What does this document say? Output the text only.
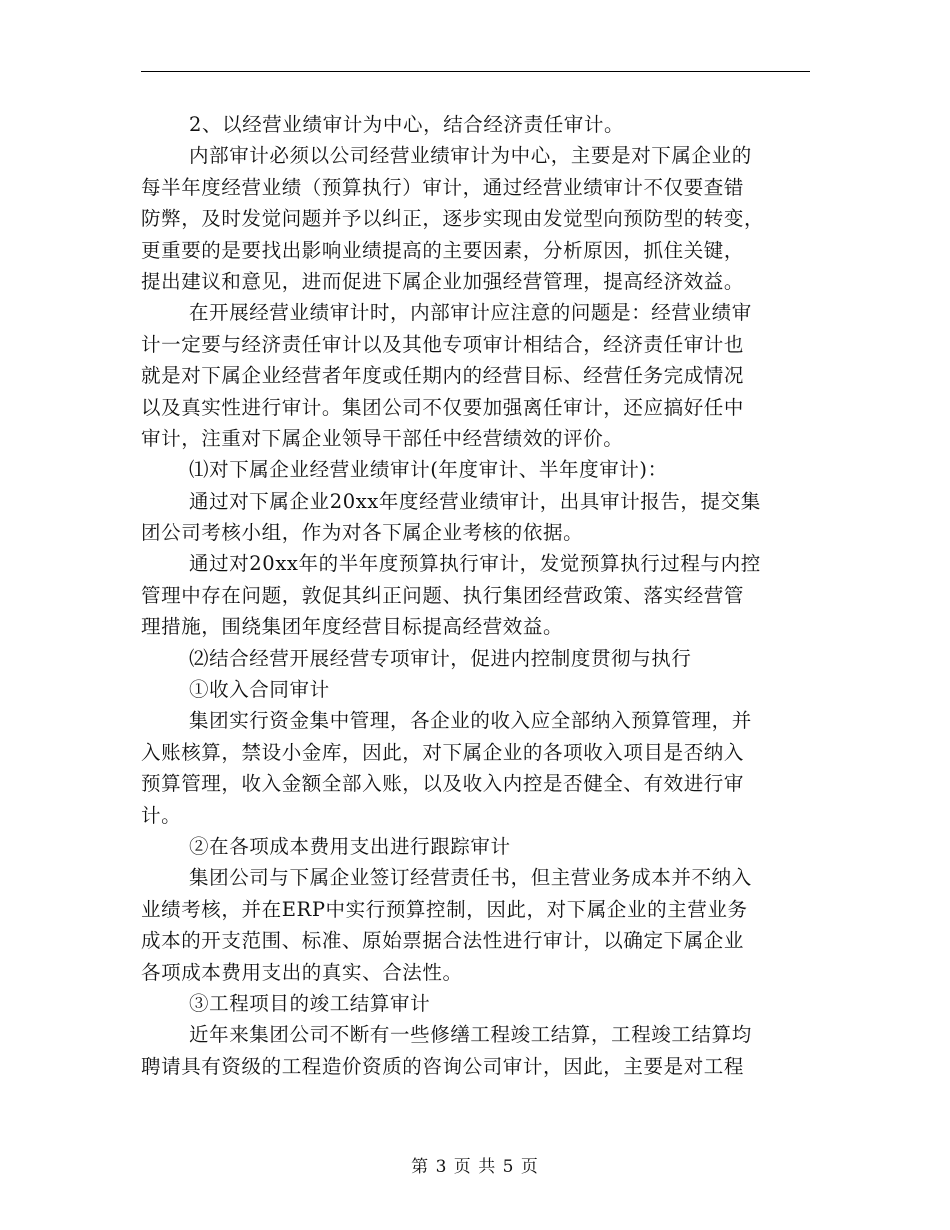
2、以经营业绩审计为中心，结合经济责任审计。
内部审计必须以公司经营业绩审计为中心，主要是对下属企业的
每半年度经营业绩（预算执行）审计，通过经营业绩审计不仅要查错
防弊，及时发觉问题并予以纠正，逐步实现由发觉型向预防型的转变，
更重要的是要找出影响业绩提高的主要因素，分析原因，抓住关键，
提出建议和意见，进而促进下属企业加强经营管理，提高经济效益。
在开展经营业绩审计时，内部审计应注意的问题是：经营业绩审
计一定要与经济责任审计以及其他专项审计相结合，经济责任审计也
就是对下属企业经营者年度或任期内的经营目标、经营任务完成情况
以及真实性进行审计。集团公司不仅要加强离任审计，还应搞好任中
审计，注重对下属企业领导干部任中经营绩效的评价。
⑴对下属企业经营业绩审计(年度审计、半年度审计)：
通过对下属企业20xx年度经营业绩审计，出具审计报告，提交集
团公司考核小组，作为对各下属企业考核的依据。
通过对20xx年的半年度预算执行审计，发觉预算执行过程与内控
管理中存在问题，敦促其纠正问题、执行集团经营政策、落实经营管
理措施，围绕集团年度经营目标提高经营效益。
⑵结合经营开展经营专项审计，促进内控制度贯彻与执行
①收入合同审计
集团实行资金集中管理，各企业的收入应全部纳入预算管理，并
入账核算，禁设小金库，因此，对下属企业的各项收入项目是否纳入
预算管理，收入金额全部入账，以及收入内控是否健全、有效进行审
计。
②在各项成本费用支出进行跟踪审计
集团公司与下属企业签订经营责任书，但主营业务成本并不纳入
业绩考核，并在ERP中实行预算控制，因此，对下属企业的主营业务
成本的开支范围、标准、原始票据合法性进行审计，以确定下属企业
各项成本费用支出的真实、合法性。
③工程项目的竣工结算审计
近年来集团公司不断有一些修缮工程竣工结算，工程竣工结算均
聘请具有资级的工程造价资质的咨询公司审计，因此，主要是对工程
第 3 页 共 5 页
